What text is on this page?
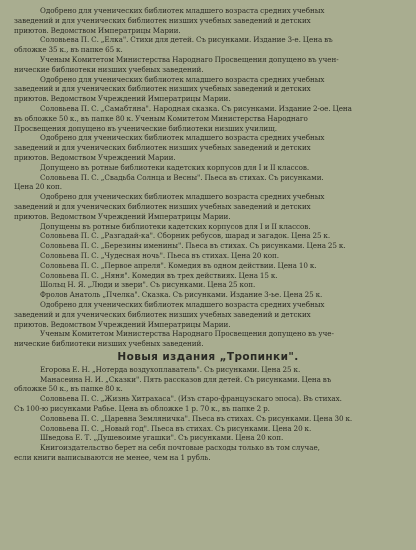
Одобрено для ученических библиотек младшего возраста средних учебных

заведений и для ученических библиотек низших учебных заведений и детских

приютов. Ведомством Императрицы Марии.

Соловьева П. С. „Елка". Стихи для детей. Съ рисунками. Издание 3-е. Цена въ

обложке 35 к., въ папке 65 к.

Ученым Комитетом Министерства Народнаго Просвещения допущено въ учен-

нические библиотеки низших учебных заведений.

Одобрено для ученических библиотек младшего возраста средних учебных

заведений и для ученических библиотек низших учебных заведений и детских

приютов. Ведомством Учреждений Императрицы Марии.

Соловьева П. С. „Самабтяна". Народная сказка. Съ рисунками. Издание 2-ое. Цена

въ обложке 50 к., въ папке 80 к. Ученым Комитетом Министерства Народнаго

Просвещения допущено въ ученические библиотеки низших училищ.

Одобрено для ученических библиотек младшего возраста средних учебных

заведений и для ученических библиотек низших учебных заведений и детских

приютов. Ведомством Учреждений Марии.

Допущено въ ротные библиотеки кадетских корпусов для I и II классов.

Соловьева П. С. „Свадьба Солнца и Весны". Пьеса въ стихах. Съ рисунками.

Цена 20 коп.

Одобрено для ученических библиотек младшего возраста средних учебных

заведений и для ученических библиотек низших учебных заведений и детских

приютов. Ведомством Учреждений Императрицы Марии.

Допущены въ ротные библиотеки кадетских корпусов для I и II классов.

Соловьева П. С. „Разгадай-ка". Сборник ребусов, шарад и загадок. Цена 25 к.

Соловьева П. С. „Березины именины". Пьеса въ стихах. Съ рисунками. Цена 25 к.

Соловьева П. С. „Чудесная ночь". Пьеса въ стихах. Цена 20 коп.

Соловьева П. С. „Первое апреля". Комедия въ одном действии. Цена 10 к.

Соловьева П. С. „Няня". Комедия въ трех действиях. Цена 15 к.

Шольц Н. Я. „Люди и звери". Съ рисунками. Цена 25 коп.

Фролов Анатоль „Пчелка". Сказка. Съ рисунками. Издание 3-ье. Цена 25 к.

Одобрено для ученических библиотек младшего возраста средних учебных

заведений и для ученических библиотек низших учебных заведений и детских

приютов. Ведомством Учреждений Императрицы Марии.

Ученым Комитетом Министерства Народнаго Просвещения допущено въ уче-

нические библиотеки низших учебных заведений.

Новыя издания „Тропинки".

Егорова Е. Н. „Нотерда воздухоплаватель". Съ рисунками. Цена 25 к.

Манасеина Н. И. „Сказки". Пять рассказов для детей. Съ рисунками. Цена въ

обложке 50 к., въ папке 80 к.

Соловьева П. С. „Жизнь Хитрахаса". (Изъ старо-французскаго эпоса). Въ стихах.

Съ 100-ю рисунками Рабье. Цена въ обложке 1 р. 70 к., въ папке 2 р.

Соловьева П. С. „Царевна Земляничка". Пьеса въ стихах. Съ рисунками. Цена 30 к.

Соловьева П. С. „Новый год". Пьеса въ стихах. Съ рисунками. Цена 20 к.

Шведова Е. Т. „Душевоиме угашки". Съ рисунками. Цена 20 коп.

Книгоиздательство берет на себя почтовые расходы только въ том случае,

если книги выписываются не менее, чем на 1 рубль.
